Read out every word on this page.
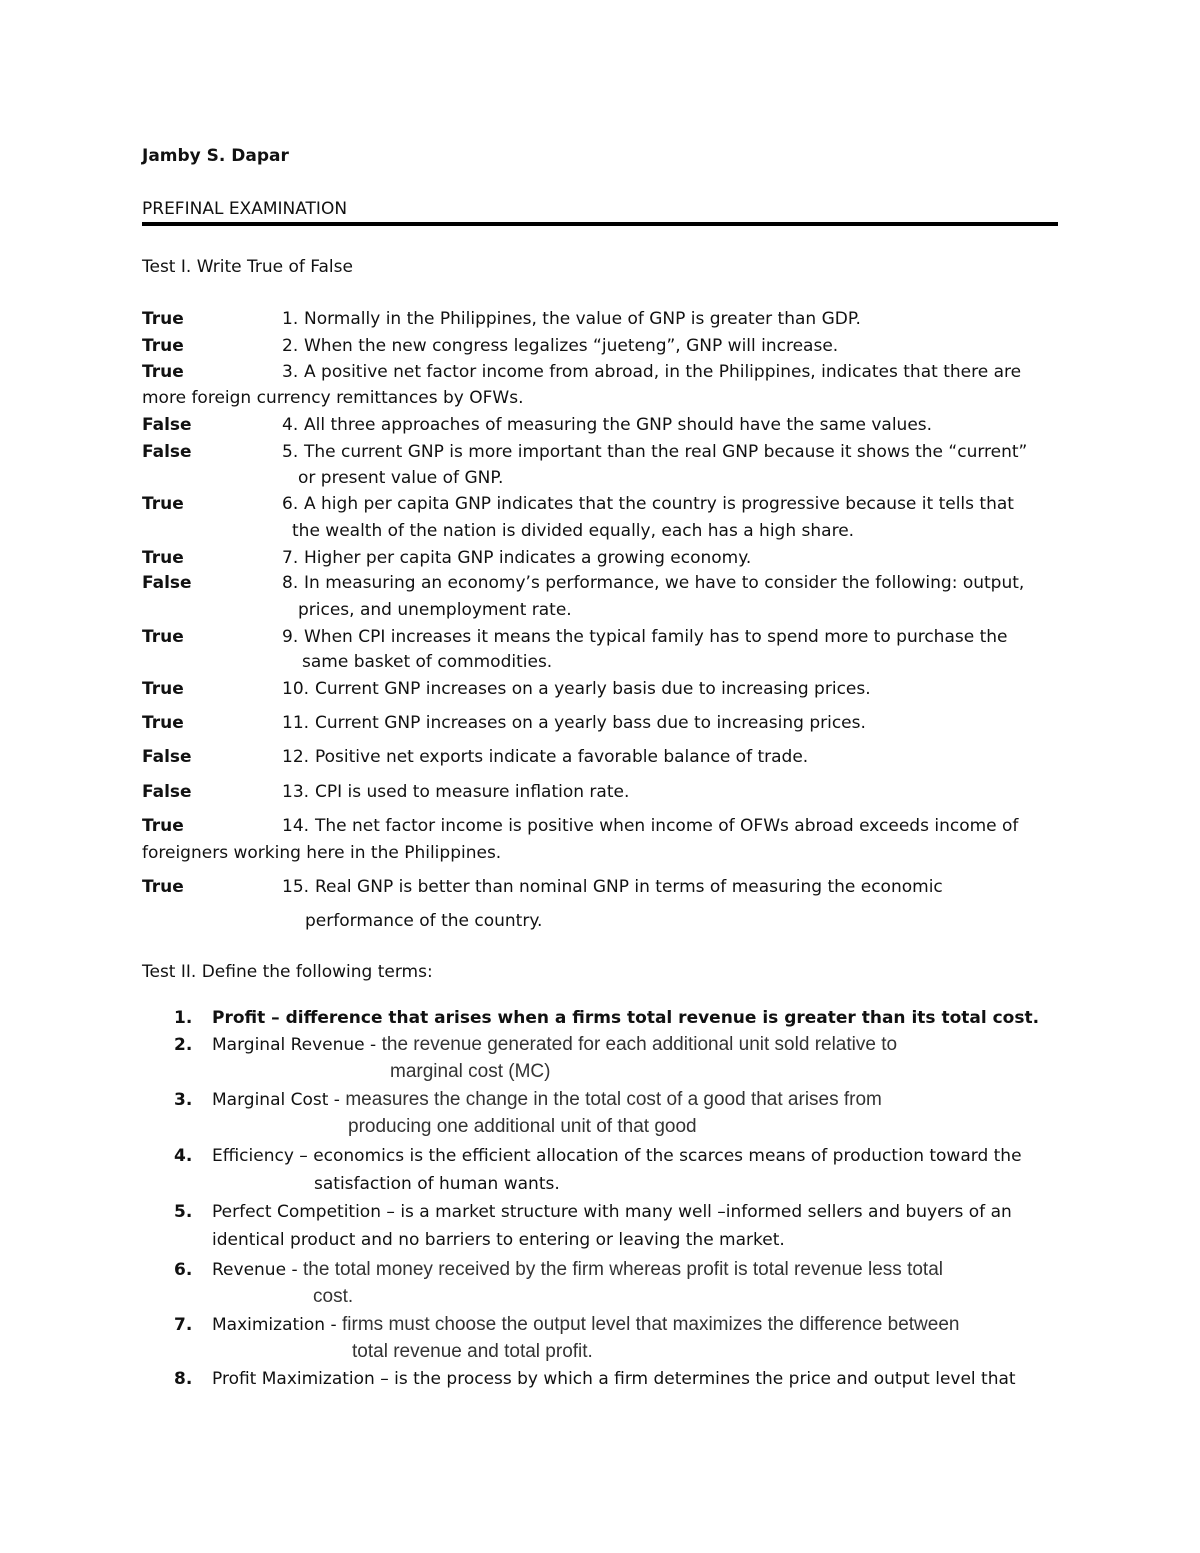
Jamby S. Dapar
PREFINAL EXAMINATION
Test I. Write True of False
True	1. Normally in the Philippines, the value of GNP is greater than GDP.
True	2. When the new congress legalizes “jueteng”, GNP will increase.
True	3. A positive net factor income from abroad, in the Philippines, indicates that there are
more foreign currency remittances by OFWs.
False	4. All three approaches of measuring the GNP should have the same values.
False	5. The current GNP is more important than the real GNP because it shows the “current”
or present value of GNP.
True	6. A high per capita GNP indicates that the country is progressive because it tells that
the wealth of the nation is divided equally, each has a high share.
True	7. Higher per capita GNP indicates a growing economy.
False	8. In measuring an economy’s performance, we have to consider the following: output,
prices, and unemployment rate.
True	9. When CPI increases it means the typical family has to spend more to purchase the
same basket of commodities.
True	10. Current GNP increases on a yearly basis due to increasing prices.
True	11. Current GNP increases on a yearly bass due to increasing prices.
False	12. Positive net exports indicate a favorable balance of trade.
False	13. CPI is used to measure inflation rate.
True	14. The net factor income is positive when income of OFWs abroad exceeds income of
foreigners working here in the Philippines.
True	15. Real GNP is better than nominal GNP in terms of measuring the economic
performance of the country.
Test II. Define the following terms:
1. Profit – difference that arises when a firms total revenue is greater than its total cost.
2. Marginal Revenue - the revenue generated for each additional unit sold relative to
marginal cost (MC)
3. Marginal Cost - measures the change in the total cost of a good that arises from
producing one additional unit of that good
4. Efficiency – economics is the efficient allocation of the scarces means of production toward the
satisfaction of human wants.
5. Perfect Competition – is a market structure with many well –informed sellers and buyers of an
identical product and no barriers to entering or leaving the market.
6. Revenue - the total money received by the firm whereas profit is total revenue less total
cost.
7. Maximization - firms must choose the output level that maximizes the difference between
total revenue and total profit.
8. Profit Maximization – is the process by which a firm determines the price and output level that
